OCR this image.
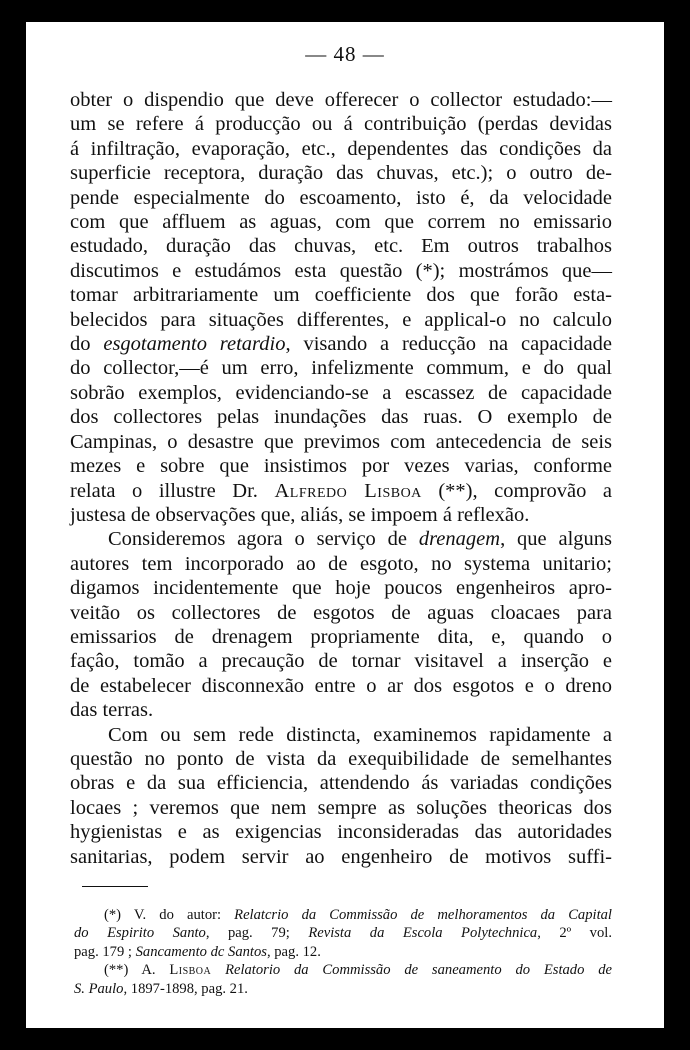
— 48 —
obter o dispendio que deve offerecer o collector estudado:—
um se refere á producção ou á contribuição (perdas devidas
á infiltração, evaporação, etc., dependentes das condições da
superficie receptora, duração das chuvas, etc.); o outro de-
pende especialmente do escoamento, isto é, da velocidade
com que affluem as aguas, com que correm no emissario
estudado, duração das chuvas, etc. Em outros trabalhos
discutimos e estudámos esta questão (*); mostrámos que—
tomar arbitrariamente um coefficiente dos que forão esta-
belecidos para situações differentes, e applical-o no calculo
do esgotamento retardio, visando a reducção na capacidade
do collector,—é um erro, infelizmente commum, e do qual
sobrão exemplos, evidenciando-se a escassez de capacidade
dos collectores pelas inundações das ruas. O exemplo de
Campinas, o desastre que previmos com antecedencia de seis
mezes e sobre que insistimos por vezes varias, conforme
relata o illustre Dr. Alfredo Lisboa (**), comprovão a
justesa de observações que, aliás, se impoem á reflexão.
Consideremos agora o serviço de drenagem, que alguns
autores tem incorporado ao de esgoto, no systema unitario;
digamos incidentemente que hoje poucos engenheiros apro-
veitão os collectores de esgotos de aguas cloacaes para
emissarios de drenagem propriamente dita, e, quando o
façâo, tomão a precaução de tornar visitavel a inserção e
de estabelecer disconnexão entre o ar dos esgotos e o dreno
das terras.
Com ou sem rede distincta, examinemos rapidamente a
questão no ponto de vista da exequibilidade de semelhantes
obras e da sua efficiencia, attendendo ás variadas condições
locaes ; veremos que nem sempre as soluções theoricas dos
hygienistas e as exigencias inconsideradas das autoridades
sanitarias, podem servir ao engenheiro de motivos suffi-
(*) V. do autor: Relatcrio da Commissão de melhoramentos da Capital
do Espirito Santo, pag. 79; Revista da Escola Polytechnica, 2º vol.
pag. 179 ; Sancamento dc Santos, pag. 12.
(**) A. Lisboa Relatorio da Commissão de saneamento do Estado de
S. Paulo, 1897-1898, pag. 21.
